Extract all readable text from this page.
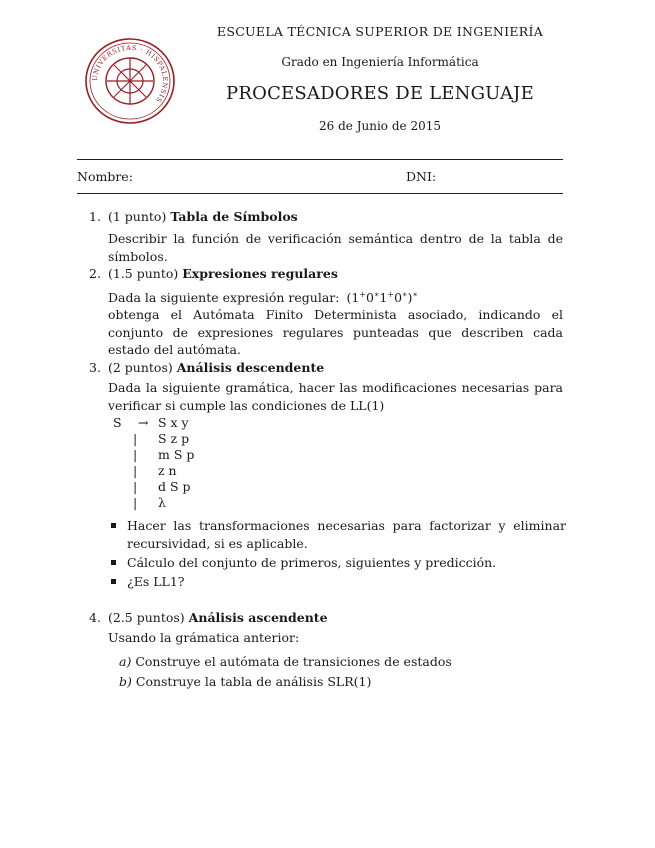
UNIVERSITAS · HISPALENSIS
ESCUELA TÉCNICA SUPERIOR DE INGENIERÍA
Grado en Ingeniería Informática
PROCESADORES DE LENGUAJE
26 de Junio de 2015
Nombre:	DNI:
1. (1 punto) Tabla de Símbolos
Describir la función de verificación semántica dentro de la tabla de símbolos.
2. (1.5 punto) Expresiones regulares
Dada la siguiente expresión regular: (1+0∗1+0∗)∗
obtenga el Autómata Finito Determinista asociado, indicando el conjunto de expresiones regulares punteadas que describen cada estado del autómata.
3. (2 puntos) Análisis descendente
Dada la siguiente gramática, hacer las modificaciones necesarias para verificar si cumple las condiciones de LL(1)
S →
|
|
|
|
|
S x y
S z p
m S p
z n
d S p
λ
Hacer las transformaciones necesarias para factorizar y eliminar recursividad, si es aplicable.
Cálculo del conjunto de primeros, siguientes y predicción.
¿Es LL1?
4. (2.5 puntos) Análisis ascendente
Usando la grámatica anterior:
a) Construye el autómata de transiciones de estados
b) Construye la tabla de análisis SLR(1)
